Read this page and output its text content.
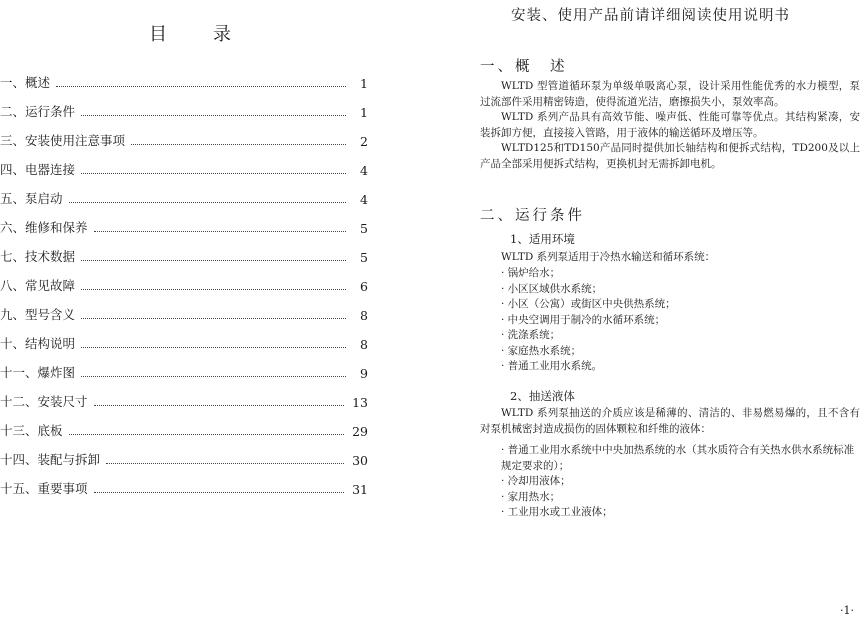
目　录
一、概述	1
二、运行条件	1
三、安装使用注意事项	2
四、电器连接	4
五、泵启动	4
六、维修和保养	5
七、技术数据	5
八、常见故障	6
九、型号含义	8
十、结构说明	8
十一、爆炸图	9
十二、安装尺寸	13
十三、底板	29
十四、装配与拆卸	30
十五、重要事项	31
安装、使用产品前请详细阅读使用说明书
一、概　述

WLTD 型管道循环泵为单级单吸离心泵，设计采用性能优秀的水力模型，泵过流部件采用精密铸造，使得流道光洁，磨擦损失小，泵效率高。

WLTD 系列产品具有高效节能、噪声低、性能可靠等优点。其结构紧凑，安装拆卸方便，直接接入管路，用于液体的输送循环及增压等。

WLTD125和TD150产品同时提供加长轴结构和便拆式结构，TD200及以上产品全部采用便拆式结构，更换机封无需拆卸电机。

二、运行条件
1、适用环境

WLTD 系列泵适用于冷热水输送和循环系统：

· 锅炉给水；
· 小区区域供水系统；
· 小区（公寓）或街区中央供热系统；
· 中央空调用于制冷的水循环系统；
· 洗涤系统；
· 家庭热水系统；
· 普通工业用水系统。
2、抽送液体

WLTD 系列泵抽送的介质应该是稀薄的、清洁的、非易燃易爆的，且不含有对泵机械密封造成损伤的固体颗粒和纤维的液体：

· 普通工业用水系统中中央加热系统的水（其水质符合有关热水供水系统标准规定要求的）；
· 冷却用液体；
· 家用热水；
· 工业用水或工业液体；
·1·
